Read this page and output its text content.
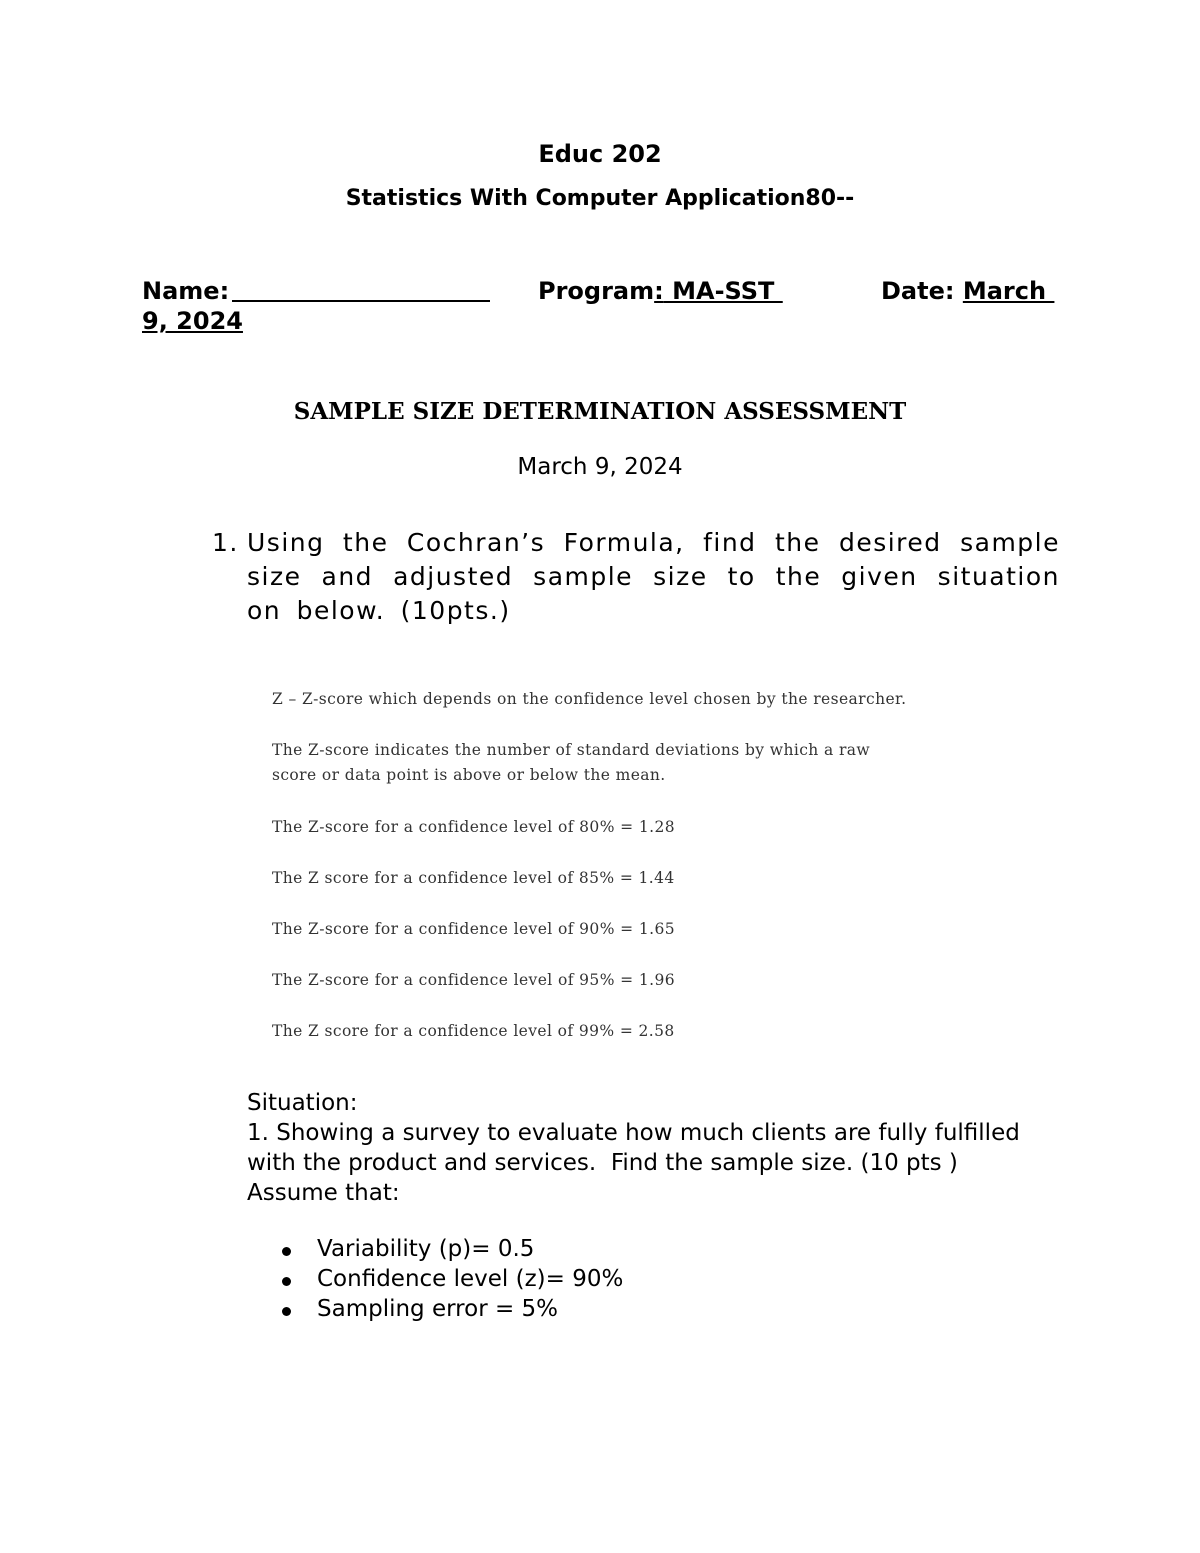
Educ 202
Statistics With Computer Application80--
Name:	Program: MA-SST	Date: March
9, 2024
SAMPLE SIZE DETERMINATION ASSESSMENT
March 9, 2024
1. Using the Cochran’s Formula, find the desired sample size and adjusted sample size to the given situation on below. (10pts.)
Z – Z-score which depends on the confidence level chosen by the researcher.
The Z-score indicates the number of standard deviations by which a raw
score or data point is above or below the mean.
The Z-score for a confidence level of 80% = 1.28
The Z score for a confidence level of 85% = 1.44
The Z-score for a confidence level of 90% = 1.65
The Z-score for a confidence level of 95% = 1.96
The Z score for a confidence level of 99% = 2.58
Situation:
1. Showing a survey to evaluate how much clients are fully fulfilled
with the product and services.  Find the sample size. (10 pts )
Assume that:
Variability (p)= 0.5
Confidence level (z)= 90%
Sampling error = 5%
